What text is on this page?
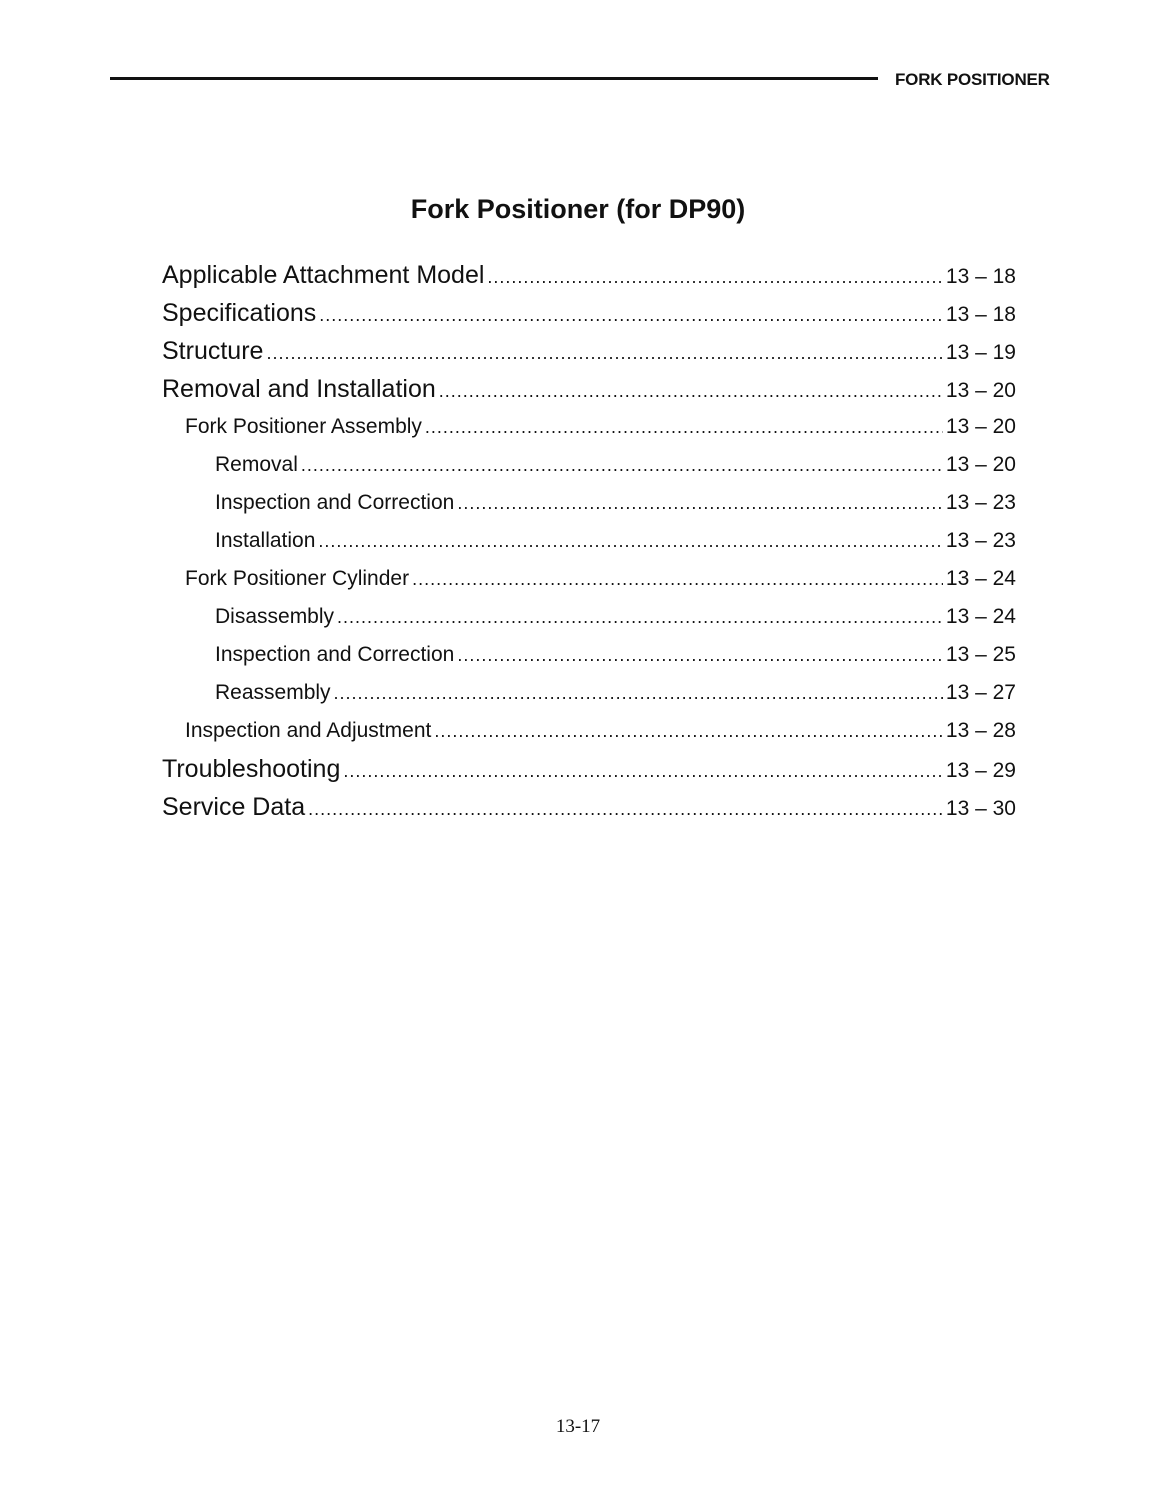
FORK POSITIONER
Fork Positioner (for DP90)
Applicable Attachment Model .....	13 – 18
Specifications .....	13 – 18
Structure .....	13 – 19
Removal and Installation .....	13 – 20
Fork Positioner Assembly .....	13 – 20
Removal .....	13 – 20
Inspection and Correction .....	13 – 23
Installation .....	13 – 23
Fork Positioner Cylinder .....	13 – 24
Disassembly .....	13 – 24
Inspection and Correction .....	13 – 25
Reassembly .....	13 – 27
Inspection and Adjustment .....	13 – 28
Troubleshooting .....	13 – 29
Service Data .....	13 – 30
13-17
